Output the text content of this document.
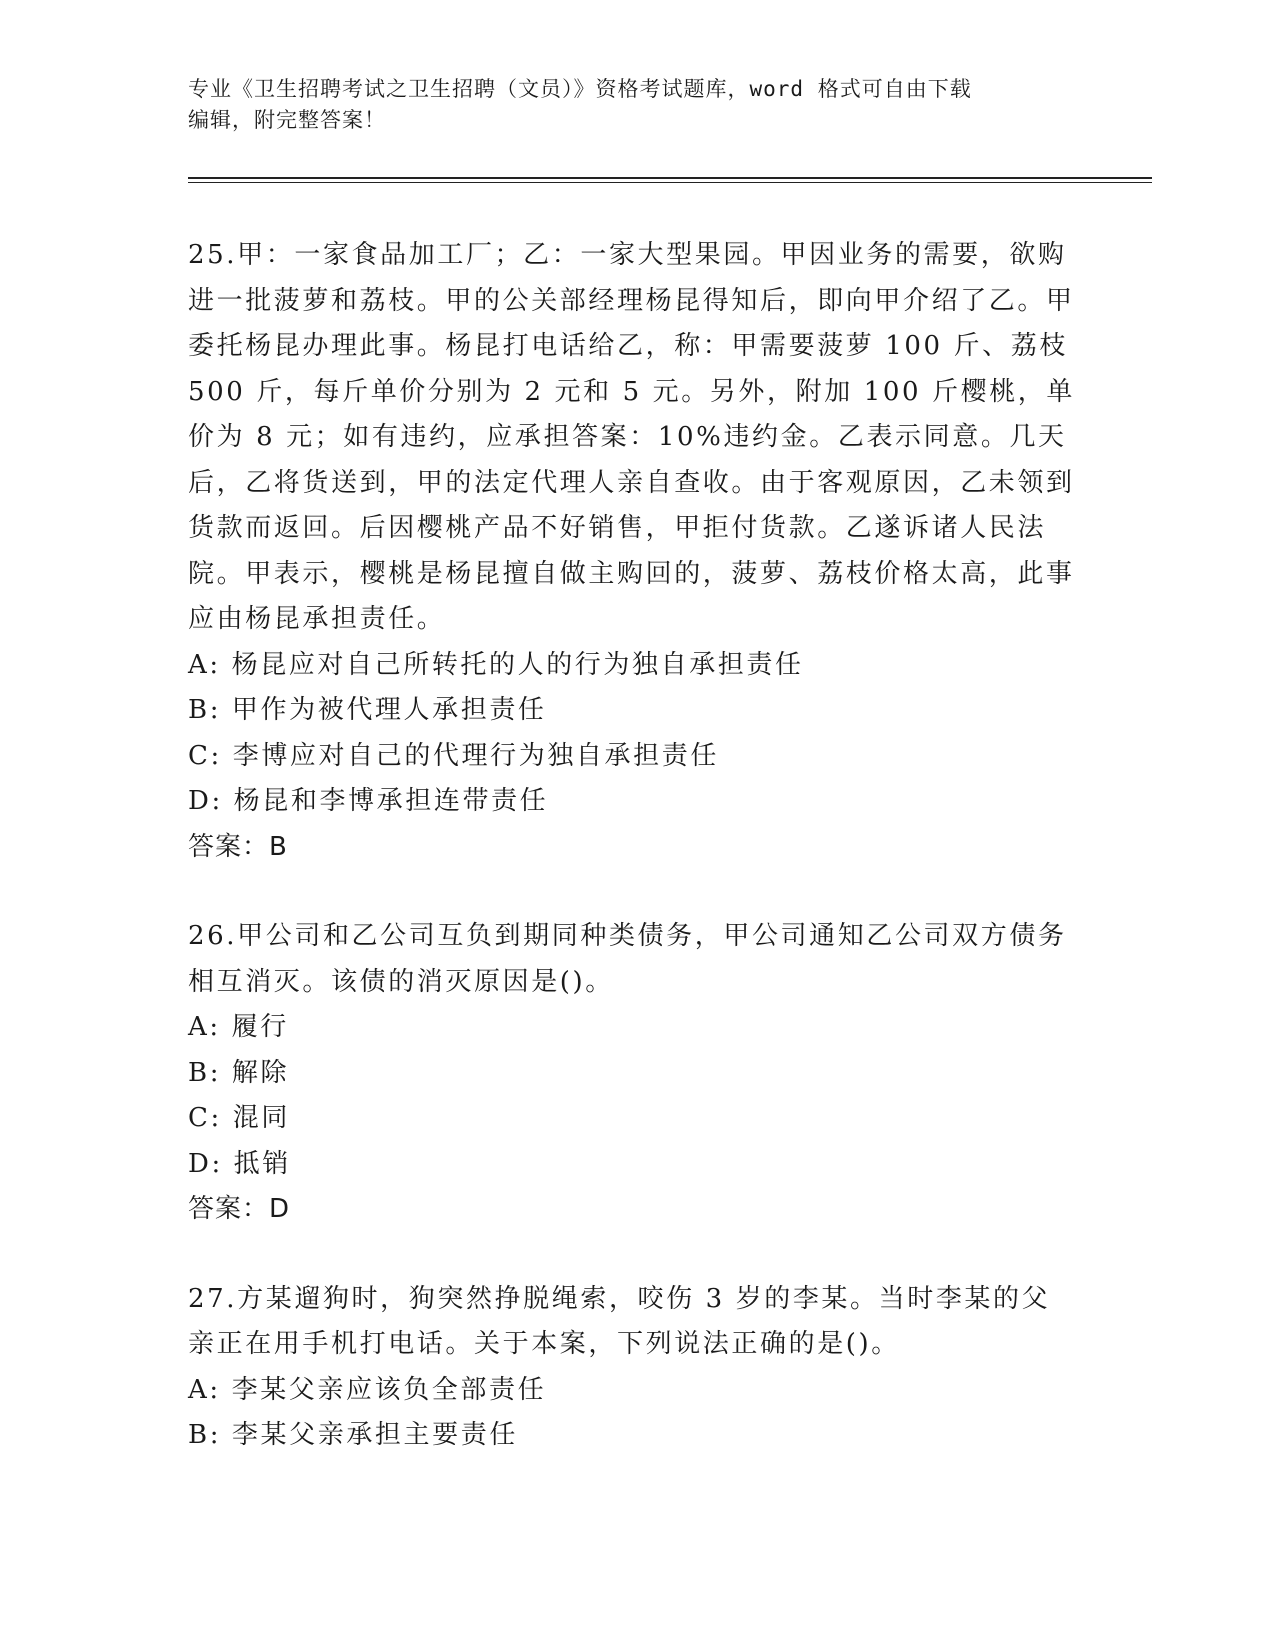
专业《卫生招聘考试之卫生招聘（文员）》资格考试题库，word 格式可自由下载
编辑，附完整答案！

25.甲：一家食品加工厂；乙：一家大型果园。甲因业务的需要，欲购进一批菠萝和荔枝。甲的公关部经理杨昆得知后，即向甲介绍了乙。甲委托杨昆办理此事。杨昆打电话给乙，称：甲需要菠萝 100 斤、荔枝 500 斤，每斤单价分别为 2 元和 5 元。另外，附加 100 斤樱桃，单价为 8 元；如有违约，应承担答案：10%违约金。乙表示同意。几天后，乙将货送到，甲的法定代理人亲自查收。由于客观原因，乙未领到货款而返回。后因樱桃产品不好销售，甲拒付货款。乙遂诉诸人民法院。甲表示，樱桃是杨昆擅自做主购回的，菠萝、荔枝价格太高，此事应由杨昆承担责任。

A: 杨昆应对自己所转托的人的行为独自承担责任

B: 甲作为被代理人承担责任

C: 李博应对自己的代理行为独自承担责任

D: 杨昆和李博承担连带责任

答案：B

26.甲公司和乙公司互负到期同种类债务，甲公司通知乙公司双方债务相互消灭。该债的消灭原因是()。

A: 履行

B: 解除

C: 混同

D: 抵销

答案：D

27.方某遛狗时，狗突然挣脱绳索，咬伤 3 岁的李某。当时李某的父亲正在用手机打电话。关于本案，下列说法正确的是()。

A: 李某父亲应该负全部责任

B: 李某父亲承担主要责任
